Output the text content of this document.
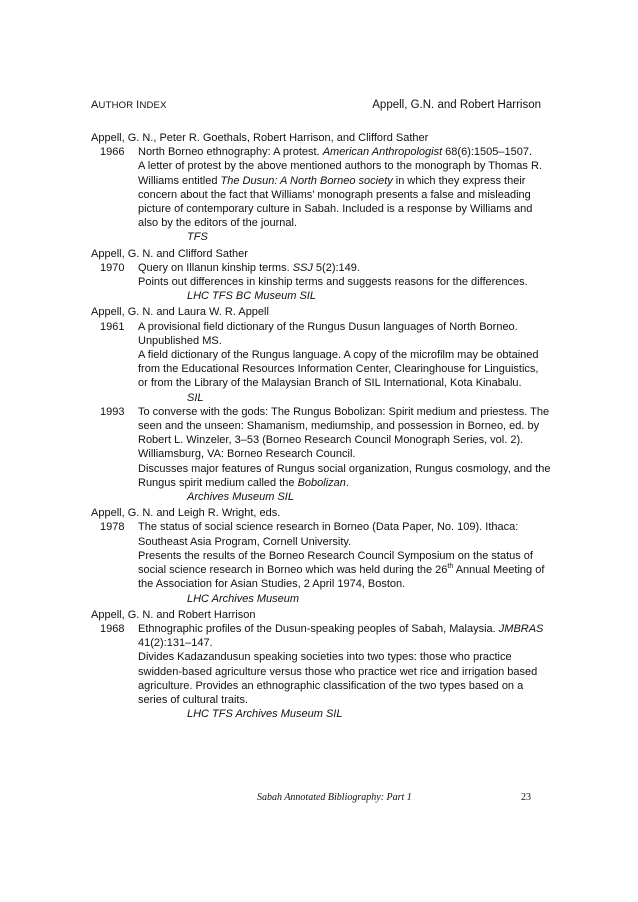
AUTHOR INDEX	Appell, G.N. and Robert Harrison
Appell, G. N., Peter R. Goethals, Robert Harrison, and Clifford Sather
1966	North Borneo ethnography: A protest. American Anthropologist 68(6):1505–1507.
A letter of protest by the above mentioned authors to the monograph by Thomas R. Williams entitled The Dusun: A North Borneo society in which they express their concern about the fact that Williams’ monograph presents a false and misleading picture of contemporary culture in Sabah. Included is a response by Williams and also by the editors of the journal.
TFS
Appell, G. N. and Clifford Sather
1970	Query on Illanun kinship terms. SSJ 5(2):149.
Points out differences in kinship terms and suggests reasons for the differences.
LHC TFS BC Museum SIL
Appell, G. N. and Laura W. R. Appell
1961	A provisional field dictionary of the Rungus Dusun languages of North Borneo. Unpublished MS.
A field dictionary of the Rungus language. A copy of the microfilm may be obtained from the Educational Resources Information Center, Clearinghouse for Linguistics, or from the Library of the Malaysian Branch of SIL International, Kota Kinabalu.
SIL
1993	To converse with the gods: The Rungus Bobolizan: Spirit medium and priestess. The seen and the unseen: Shamanism, mediumship, and possession in Borneo, ed. by Robert L. Winzeler, 3–53 (Borneo Research Council Monograph Series, vol. 2). Williamsburg, VA: Borneo Research Council.
Discusses major features of Rungus social organization, Rungus cosmology, and the Rungus spirit medium called the Bobolizan.
Archives Museum SIL
Appell, G. N. and Leigh R. Wright, eds.
1978	The status of social science research in Borneo (Data Paper, No. 109). Ithaca: Southeast Asia Program, Cornell University.
Presents the results of the Borneo Research Council Symposium on the status of social science research in Borneo which was held during the 26th Annual Meeting of the Association for Asian Studies, 2 April 1974, Boston.
LHC Archives Museum
Appell, G. N. and Robert Harrison
1968	Ethnographic profiles of the Dusun-speaking peoples of Sabah, Malaysia. JMBRAS 41(2):131–147.
Divides Kadazandusun speaking societies into two types: those who practice swidden-based agriculture versus those who practice wet rice and irrigation based agriculture. Provides an ethnographic classification of the two types based on a series of cultural traits.
LHC TFS Archives Museum SIL
Sabah Annotated Bibliography: Part 1	23
